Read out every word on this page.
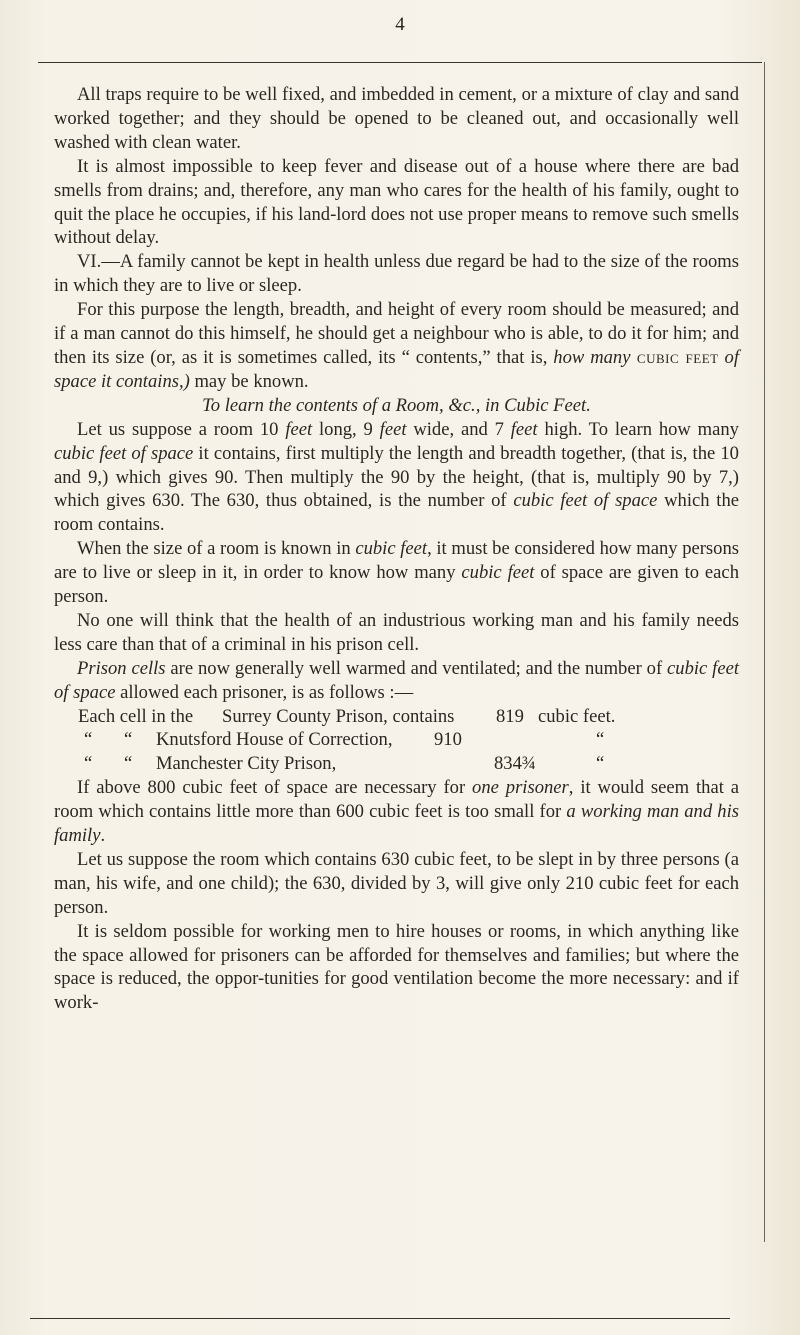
4

All traps require to be well fixed, and imbedded in cement, or a mixture of clay and sand worked together; and they should be opened to be cleaned out, and occasionally well washed with clean water.

It is almost impossible to keep fever and disease out of a house where there are bad smells from drains; and, therefore, any man who cares for the health of his family, ought to quit the place he occupies, if his land-lord does not use proper means to remove such smells without delay.

VI.—A family cannot be kept in health unless due regard be had to the size of the rooms in which they are to live or sleep.

For this purpose the length, breadth, and height of every room should be measured; and if a man cannot do this himself, he should get a neighbour who is able, to do it for him; and then its size (or, as it is sometimes called, its “ contents,” that is, how many cubic feet of space it contains,) may be known.

To learn the contents of a Room, &c., in Cubic Feet.

Let us suppose a room 10 feet long, 9 feet wide, and 7 feet high. To learn how many cubic feet of space it contains, first multiply the length and breadth together, (that is, the 10 and 9,) which gives 90. Then multiply the 90 by the height, (that is, multiply 90 by 7,) which gives 630. The 630, thus obtained, is the number of cubic feet of space which the room contains.

When the size of a room is known in cubic feet, it must be considered how many persons are to live or sleep in it, in order to know how many cubic feet of space are given to each person.

No one will think that the health of an industrious working man and his family needs less care than that of a criminal in his prison cell.

Prison cells are now generally well warmed and ventilated; and the number of cubic feet of space allowed each prisoner, is as follows :—

Each cell in the Surrey County Prison, contains 819 cubic feet.
“ “ Knutsford House of Correction, 910	“
“ “ Manchester City Prison,	834¾	“

If above 800 cubic feet of space are necessary for one prisoner, it would seem that a room which contains little more than 600 cubic feet is too small for a working man and his family.

Let us suppose the room which contains 630 cubic feet, to be slept in by three persons (a man, his wife, and one child); the 630, divided by 3, will give only 210 cubic feet for each person.

It is seldom possible for working men to hire houses or rooms, in which anything like the space allowed for prisoners can be afforded for themselves and families; but where the space is reduced, the oppor-tunities for good ventilation become the more necessary: and if work-
